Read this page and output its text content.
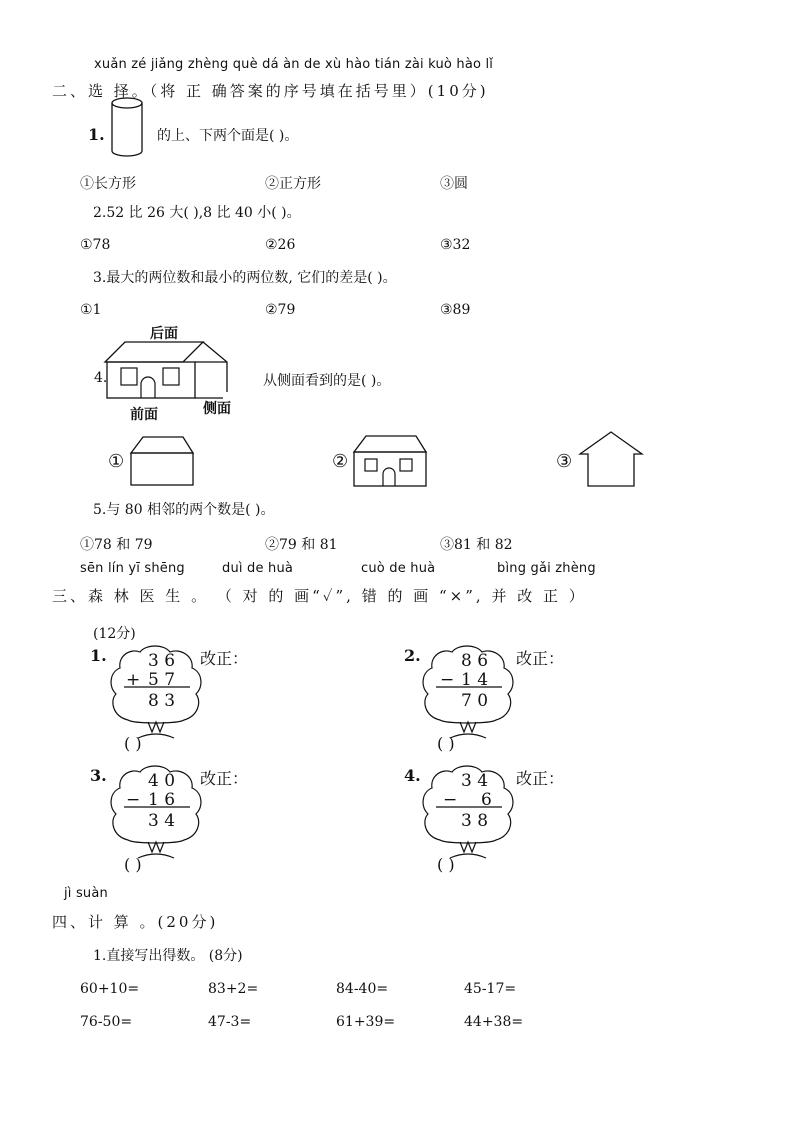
xuǎn zé jiǎng zhèng què dá àn de xù hào tián zài kuò hào lǐ
二、选 择。（将 正 确答案的序号填在括号里）(10分)
1.	的上、下两个面是( )。
①长方形	②正方形	③圆
2.52 比 26 大( ),8 比 40 小( )。
①78	②26	③32
3.最大的两位数和最小的两位数, 它们的差是( )。
①1	②79	③89
后面
4.
前面	侧面
从侧面看到的是( )。
①	②	③
5.与 80 相邻的两个数是( )。
①78 和 79	②79 和 81	③81 和 82
sēn lín yī shēng	duì de huà	cuò de huà	bìng gǎi zhèng
三、森 林 医 生 。 （ 对 的 画“✓”, 错 的 画 “×”, 并 改 正 ）
(12分)
1. 3 6
+ 5 7
8 3
改正：
( )
2. 8 6
− 1 4
7 0
改正：
( )
3. 4 0
− 1 6
3 4
改正：
( )
4. 3 4
− 6
3 8
改正：
( )
jì suàn
四、计 算 。(20分)
1.直接写出得数。 (8分)
60+10=	83+2=	84-40=	45-17=
76-50=	47-3=	61+39=	44+38=
